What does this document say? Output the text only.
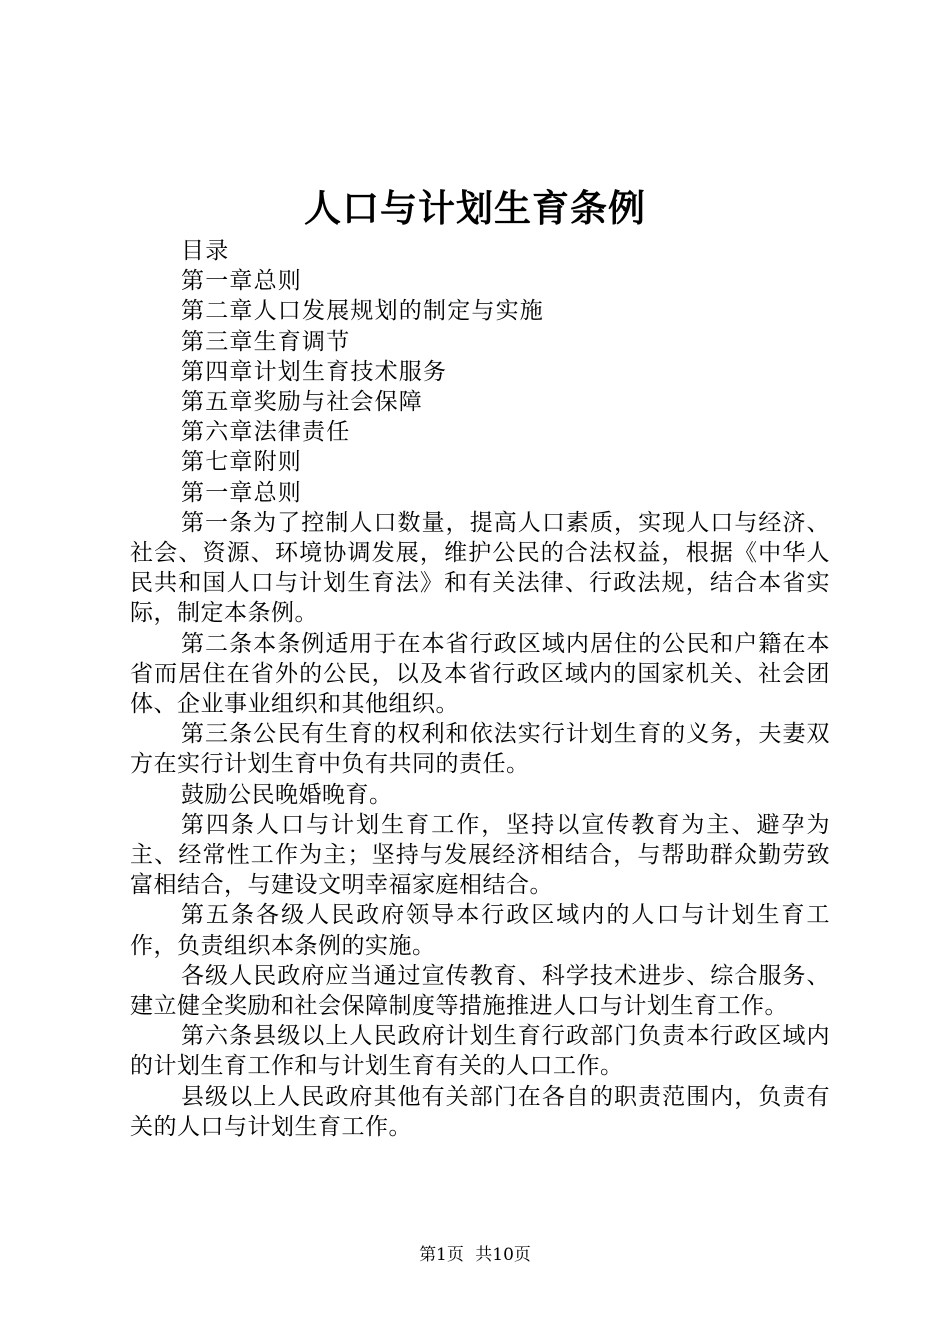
人口与计划生育条例
目录
第一章总则
第二章人口发展规划的制定与实施
第三章生育调节
第四章计划生育技术服务
第五章奖励与社会保障
第六章法律责任
第七章附则
第一章总则

第一条为了控制人口数量，提高人口素质，实现人口与经济、社会、资源、环境协调发展，维护公民的合法权益，根据《中华人民共和国人口与计划生育法》和有关法律、行政法规，结合本省实际，制定本条例。

第二条本条例适用于在本省行政区域内居住的公民和户籍在本省而居住在省外的公民，以及本省行政区域内的国家机关、社会团体、企业事业组织和其他组织。

第三条公民有生育的权利和依法实行计划生育的义务，夫妻双方在实行计划生育中负有共同的责任。

鼓励公民晚婚晚育。

第四条人口与计划生育工作，坚持以宣传教育为主、避孕为主、经常性工作为主；坚持与发展经济相结合，与帮助群众勤劳致富相结合，与建设文明幸福家庭相结合。

第五条各级人民政府领导本行政区域内的人口与计划生育工作，负责组织本条例的实施。

各级人民政府应当通过宣传教育、科学技术进步、综合服务、建立健全奖励和社会保障制度等措施推进人口与计划生育工作。

第六条县级以上人民政府计划生育行政部门负责本行政区域内的计划生育工作和与计划生育有关的人口工作。

县级以上人民政府其他有关部门在各自的职责范围内，负责有关的人口与计划生育工作。

第1页 共10页
